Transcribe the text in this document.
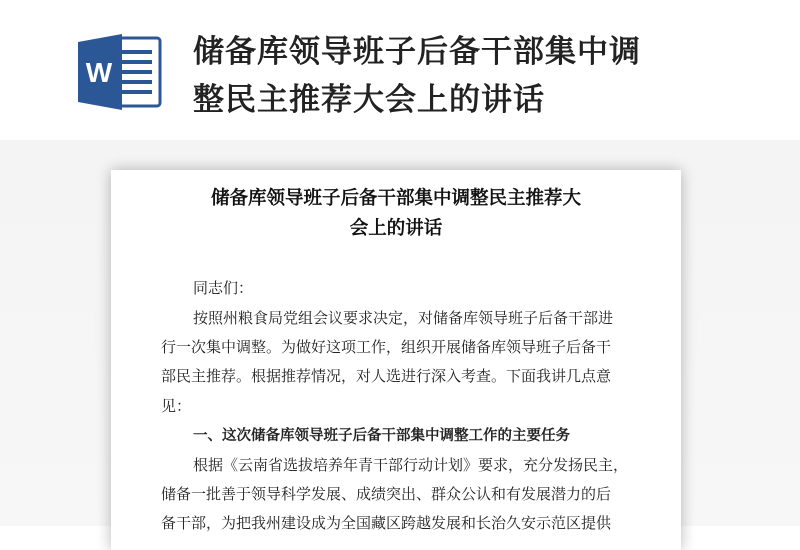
W
储备库领导班子后备干部集中调
整民主推荐大会上的讲话
储备库领导班子后备干部集中调整民主推荐大
会上的讲话
同志们：
按照州粮食局党组会议要求决定，对储备库领导班子后备干部进
行一次集中调整。为做好这项工作，组织开展储备库领导班子后备干
部民主推荐。根据推荐情况，对人选进行深入考查。下面我讲几点意
见：
一、这次储备库领导班子后备干部集中调整工作的主要任务
根据《云南省选拔培养年青干部行动计划》要求，充分发扬民主，
储备一批善于领导科学发展、成绩突出、群众公认和有发展潜力的后
备干部，为把我州建设成为全国藏区跨越发展和长治久安示范区提供
